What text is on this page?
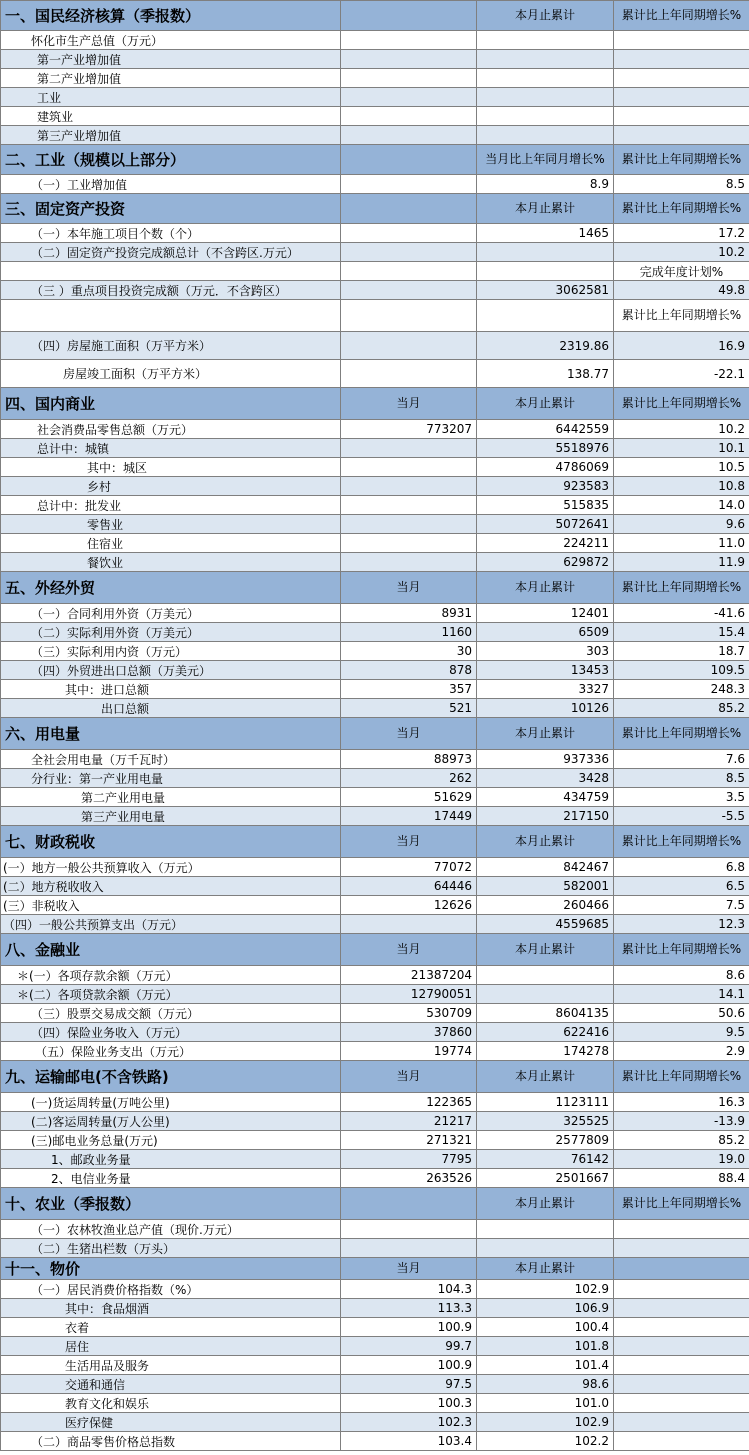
一、国民经济核算（季报数）		本月止累计	累计比上年同期增长%
怀化市生产总值（万元）			
第一产业增加值			
第二产业增加值			
工业			
建筑业			
第三产业增加值			
二、工业（规模以上部分）		当月比上年同月增长%	累计比上年同期增长%
（一）工业增加值		8.9	8.5
三、固定资产投资		本月止累计	累计比上年同期增长%
（一）本年施工项目个数（个）		1465	17.2
（二）固定资产投资完成额总计（不含跨区.万元）			10.2
			完成年度计划%
（三 ）重点项目投资完成额（万元．不含跨区）		3062581	49.8
			累计比上年同期增长%
（四）房屋施工面积（万平方米）		2319.86	16.9
房屋竣工面积（万平方米）		138.77	-22.1
四、国内商业	当月	本月止累计	累计比上年同期增长%
社会消费品零售总额（万元）	773207	6442559	10.2
总计中：城镇		5518976	10.1
其中：城区		4786069	10.5
乡村		923583	10.8
总计中：批发业		515835	14.0
零售业		5072641	9.6
住宿业		224211	11.0
餐饮业		629872	11.9
五、外经外贸	当月	本月止累计	累计比上年同期增长%
（一）合同利用外资（万美元）	8931	12401	-41.6
（二）实际利用外资（万美元）	1160	6509	15.4
（三）实际利用内资（万元）	30	303	18.7
（四）外贸进出口总额（万美元）	878	13453	109.5
其中：进口总额	357	3327	248.3
出口总额	521	10126	85.2
六、用电量	当月	本月止累计	累计比上年同期增长%
全社会用电量（万千瓦时）	88973	937336	7.6
分行业：第一产业用电量	262	3428	8.5
第二产业用电量	51629	434759	3.5
第三产业用电量	17449	217150	-5.5
七、财政税收	当月	本月止累计	累计比上年同期增长%
(一）地方一般公共预算收入（万元）	77072	842467	6.8
(二）地方税收收入	64446	582001	6.5
(三）非税收入	12626	260466	7.5
（四）一般公共预算支出（万元）		4559685	12.3
八、金融业	当月	本月止累计	累计比上年同期增长%
＊(一）各项存款余额（万元）	21387204		8.6
＊(二）各项贷款余额（万元）	12790051		14.1
（三）股票交易成交额（万元）	530709	8604135	50.6
（四）保险业务收入（万元）	37860	622416	9.5
（五）保险业务支出（万元）	19774	174278	2.9
九、运输邮电(不含铁路)	当月	本月止累计	累计比上年同期增长%
(一)货运周转量(万吨公里)	122365	1123111	16.3
(二)客运周转量(万人公里)	21217	325525	-13.9
(三)邮电业务总量(万元)	271321	2577809	85.2
1、邮政业务量	7795	76142	19.0
2、电信业务量	263526	2501667	88.4
十、农业（季报数）		本月止累计	累计比上年同期增长%
（一）农林牧渔业总产值（现价.万元）			
（二）生猪出栏数（万头）			
十一、物价	当月	本月止累计	
（一）居民消费价格指数（%）	104.3	102.9	
其中：食品烟酒	113.3	106.9	
衣着	100.9	100.4	
居住	99.7	101.8	
生活用品及服务	100.9	101.4	
交通和通信	97.5	98.6	
教育文化和娱乐	100.3	101.0	
医疗保健	102.3	102.9	
（二）商品零售价格总指数	103.4	102.2	
